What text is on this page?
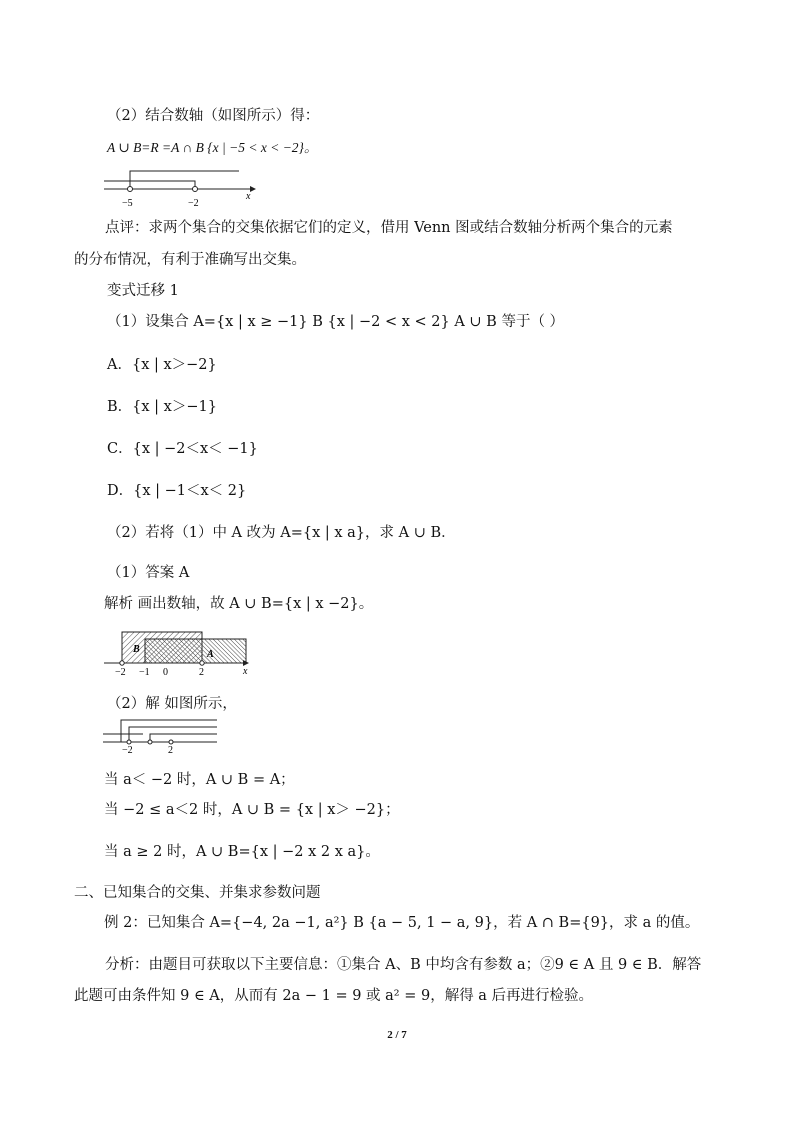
（2）结合数轴（如图所示）得：
A ∪ B=R =A ∩ B {x | −5 < x < −2}。
−5	−2
x
点评：求两个集合的交集依据它们的定义，借用 Venn 图或结合数轴分析两个集合的元素
的分布情况，有利于准确写出交集。
变式迁移 1
（1）设集合 A={x | x ≥ −1} B {x | −2 < x < 2} A ∪ B 等于（ ）
A．{x | x＞−2}
B．{x | x＞−1}
C．{x | −2＜x＜ −1}
D．{x | −1＜x＜ 2}
（2）若将（1）中 A 改为 A={x | x a}，求 A ∪ B．
（1）答案 A
解析 画出数轴，故 A ∪ B={x | x −2}。
B	A
−2 −1 0	2	x
（2）解 如图所示，
−2	2
当 a＜ −2 时，A ∪ B = A；
当 −2 ≤ a＜2 时，A ∪ B = {x | x＞ −2}；
当 a ≥ 2 时，A ∪ B={x | −2 x 2 x a}。
二、已知集合的交集、并集求参数问题
例 2：已知集合 A={−4, 2a −1, a²} B {a − 5, 1 − a, 9}，若 A ∩ B={9}，求 a 的值。
分析：由题目可获取以下主要信息：①集合 A、B 中均含有参数 a；②9 ∈ A 且 9 ∈ B．解答
此题可由条件知 9 ∈ A，从而有 2a − 1 = 9 或 a² = 9，解得 a 后再进行检验。
2 / 7
